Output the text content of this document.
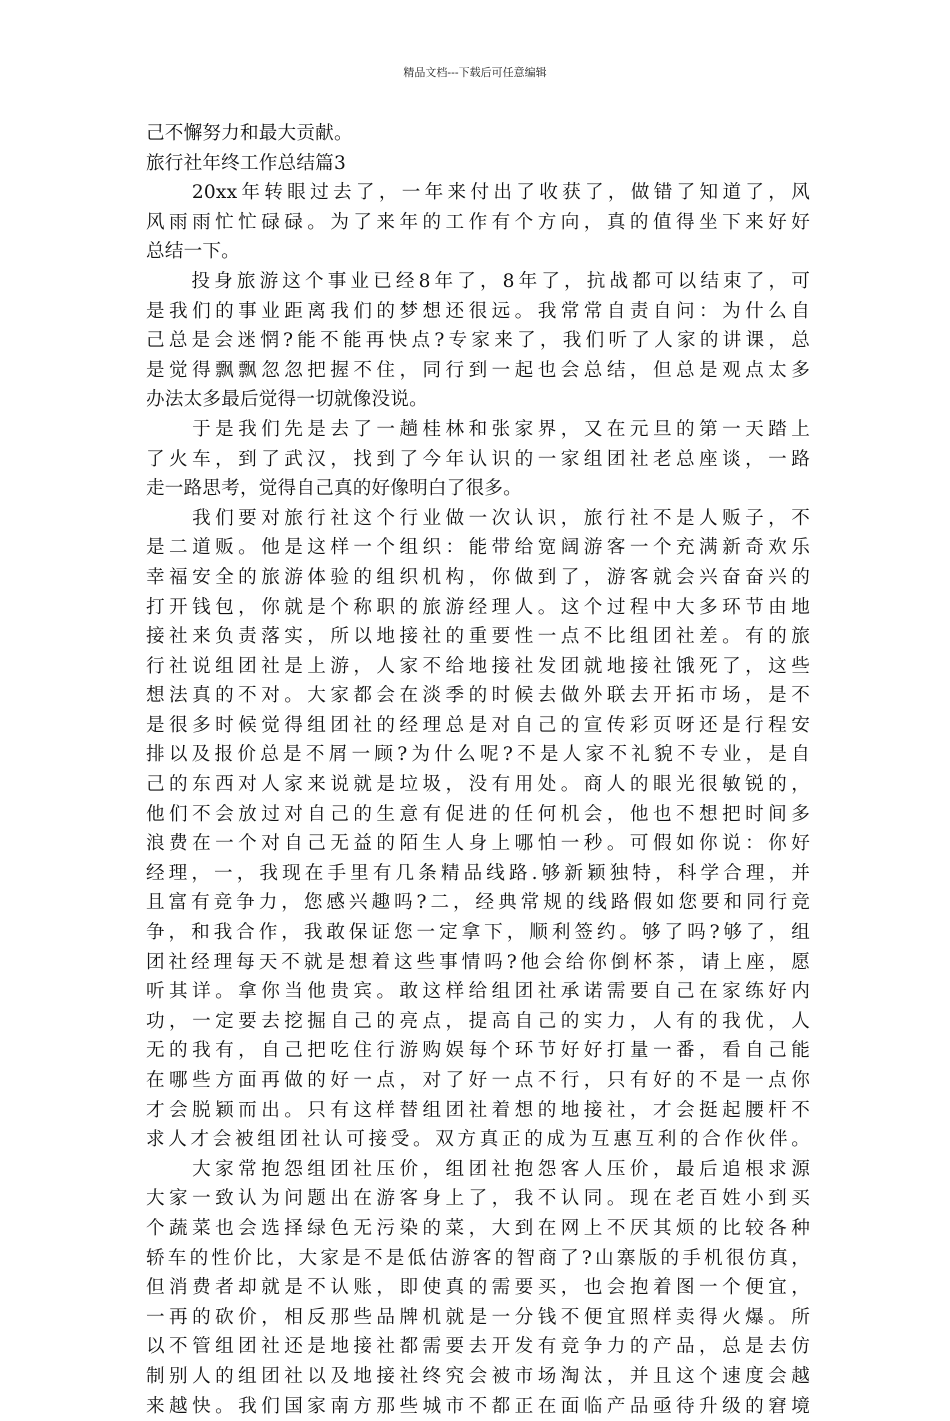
精品文档---下载后可任意编辑
己不懈努力和最大贡献。
旅行社年终工作总结篇3
　　20xx年转眼过去了，一年来付出了收获了，做错了知道了，风
风雨雨忙忙碌碌。为了来年的工作有个方向，真的值得坐下来好好
总结一下。
　　投身旅游这个事业已经8年了，8年了，抗战都可以结束了，可
是我们的事业距离我们的梦想还很远。我常常自责自问：为什么自
己总是会迷惘?能不能再快点?专家来了，我们听了人家的讲课，总
是觉得飘飘忽忽把握不住，同行到一起也会总结，但总是观点太多
办法太多最后觉得一切就像没说。
　　于是我们先是去了一趟桂林和张家界，又在元旦的第一天踏上
了火车，到了武汉，找到了今年认识的一家组团社老总座谈，一路
走一路思考，觉得自己真的好像明白了很多。
　　我们要对旅行社这个行业做一次认识，旅行社不是人贩子，不
是二道贩。他是这样一个组织：能带给宽阔游客一个充满新奇欢乐
幸福安全的旅游体验的组织机构，你做到了，游客就会兴奋奋兴的
打开钱包，你就是个称职的旅游经理人。这个过程中大多环节由地
接社来负责落实，所以地接社的重要性一点不比组团社差。有的旅
行社说组团社是上游，人家不给地接社发团就地接社饿死了，这些
想法真的不对。大家都会在淡季的时候去做外联去开拓市场，是不
是很多时候觉得组团社的经理总是对自己的宣传彩页呀还是行程安
排以及报价总是不屑一顾?为什么呢?不是人家不礼貌不专业，是自
己的东西对人家来说就是垃圾，没有用处。商人的眼光很敏锐的，
他们不会放过对自己的生意有促进的任何机会，他也不想把时间多
浪费在一个对自己无益的陌生人身上哪怕一秒。可假如你说：你好
经理，一，我现在手里有几条精品线路.够新颖独特，科学合理，并
且富有竞争力，您感兴趣吗?二，经典常规的线路假如您要和同行竞
争，和我合作，我敢保证您一定拿下，顺利签约。够了吗?够了，组
团社经理每天不就是想着这些事情吗?他会给你倒杯茶，请上座，愿
听其详。拿你当他贵宾。敢这样给组团社承诺需要自己在家练好内
功，一定要去挖掘自己的亮点，提高自己的实力，人有的我优，人
无的我有，自己把吃住行游购娱每个环节好好打量一番，看自己能
在哪些方面再做的好一点，对了好一点不行，只有好的不是一点你
才会脱颖而出。只有这样替组团社着想的地接社，才会挺起腰杆不
求人才会被组团社认可接受。双方真正的成为互惠互利的合作伙伴。
　　大家常抱怨组团社压价，组团社抱怨客人压价，最后追根求源
大家一致认为问题出在游客身上了，我不认同。现在老百姓小到买
个蔬菜也会选择绿色无污染的菜，大到在网上不厌其烦的比较各种
轿车的性价比，大家是不是低估游客的智商了?山寨版的手机很仿真，
但消费者却就是不认账，即使真的需要买，也会抱着图一个便宜，
一再的砍价，相反那些品牌机就是一分钱不便宜照样卖得火爆。所
以不管组团社还是地接社都需要去开发有竞争力的产品，总是去仿
制别人的组团社以及地接社终究会被市场淘汰，并且这个速度会越
来越快。我们国家南方那些城市不都正在面临产品亟待升级的窘境
